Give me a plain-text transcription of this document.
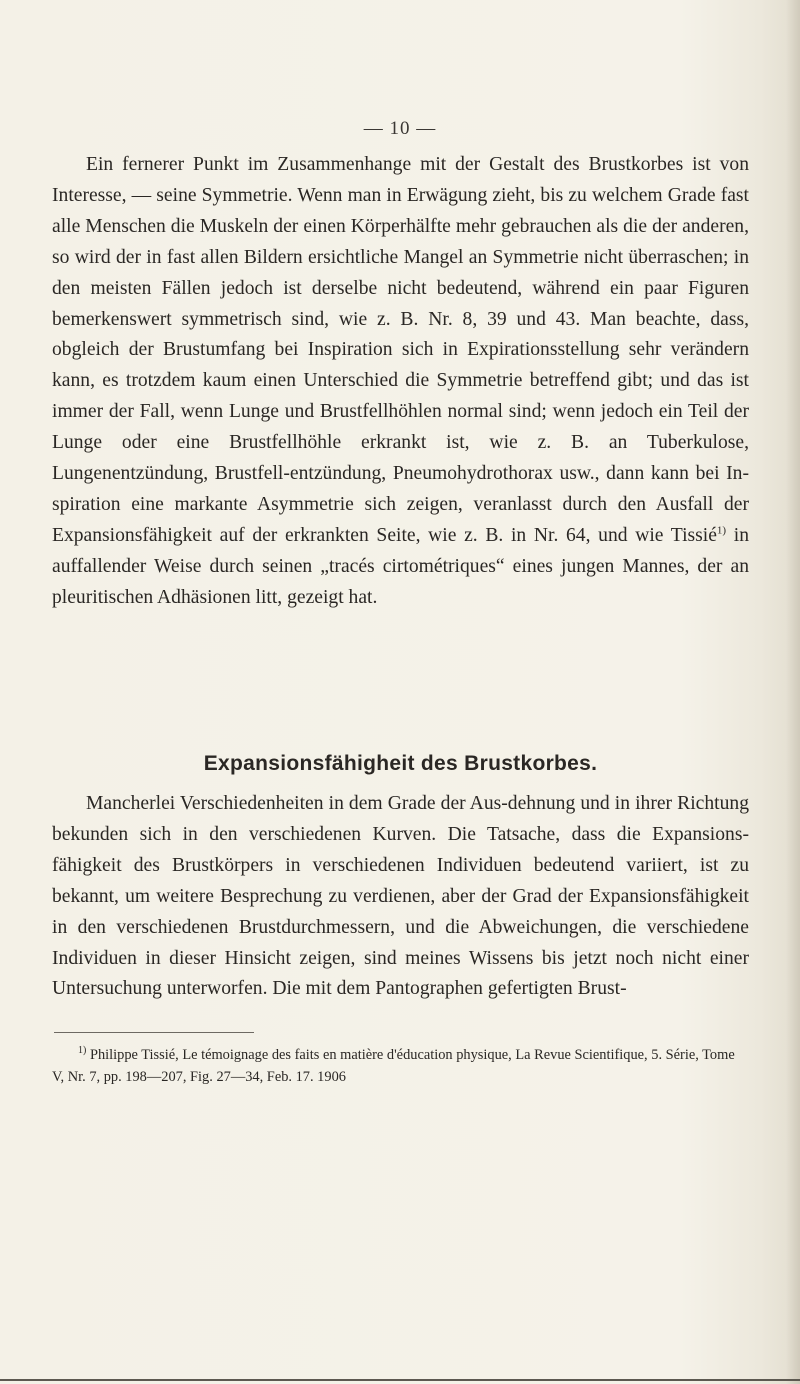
— 10 —

Ein fernerer Punkt im Zusammenhange mit der Gestalt des Brustkorbes ist von Interesse, — seine Symmetrie. Wenn man in Erwägung zieht, bis zu welchem Grade fast alle Menschen die Muskeln der einen Körperhälfte mehr gebrauchen als die der anderen, so wird der in fast allen Bildern ersichtliche Mangel an Symmetrie nicht überraschen; in den meisten Fällen jedoch ist derselbe nicht bedeutend, während ein paar Figuren bemerkenswert symmetrisch sind, wie z. B. Nr. 8, 39 und 43. Man beachte, dass, obgleich der Brustumfang bei Inspiration sich in Expirationsstellung sehr verändern kann, es trotzdem kaum einen Unterschied die Symmetrie betreffend gibt; und das ist immer der Fall, wenn Lunge und Brustfellhöhlen normal sind; wenn jedoch ein Teil der Lunge oder eine Brustfellhöhle erkrankt ist, wie z. B. an Tuberkulose, Lungenentzündung, Brustfell-entzündung, Pneumohydrothorax usw., dann kann bei In-spiration eine markante Asymmetrie sich zeigen, veranlasst durch den Ausfall der Expansionsfähigkeit auf der erkrankten Seite, wie z. B. in Nr. 64, und wie Tissié$^{1)}$ in auffallender Weise durch seinen „tracés cirtométriques“ eines jungen Mannes, der an pleuritischen Adhäsionen litt, gezeigt hat.

Expansionsfähigheit des Brustkorbes.

Mancherlei Verschiedenheiten in dem Grade der Aus-dehnung und in ihrer Richtung bekunden sich in den verschiedenen Kurven. Die Tatsache, dass die Expansions-fähigkeit des Brustkörpers in verschiedenen Individuen bedeutend variiert, ist zu bekannt, um weitere Besprechung zu verdienen, aber der Grad der Expansionsfähigkeit in den verschiedenen Brustdurchmessern, und die Abweichungen, die verschiedene Individuen in dieser Hinsicht zeigen, sind meines Wissens bis jetzt noch nicht einer Untersuchung unterworfen. Die mit dem Pantographen gefertigten Brust-

$^{1)}$ Philippe Tissié, Le témoignage des faits en matière d'éducation physique, La Revue Scientifique, 5. Série, Tome V, Nr. 7, pp. 198—207, Fig. 27—34, Feb. 17. 1906
